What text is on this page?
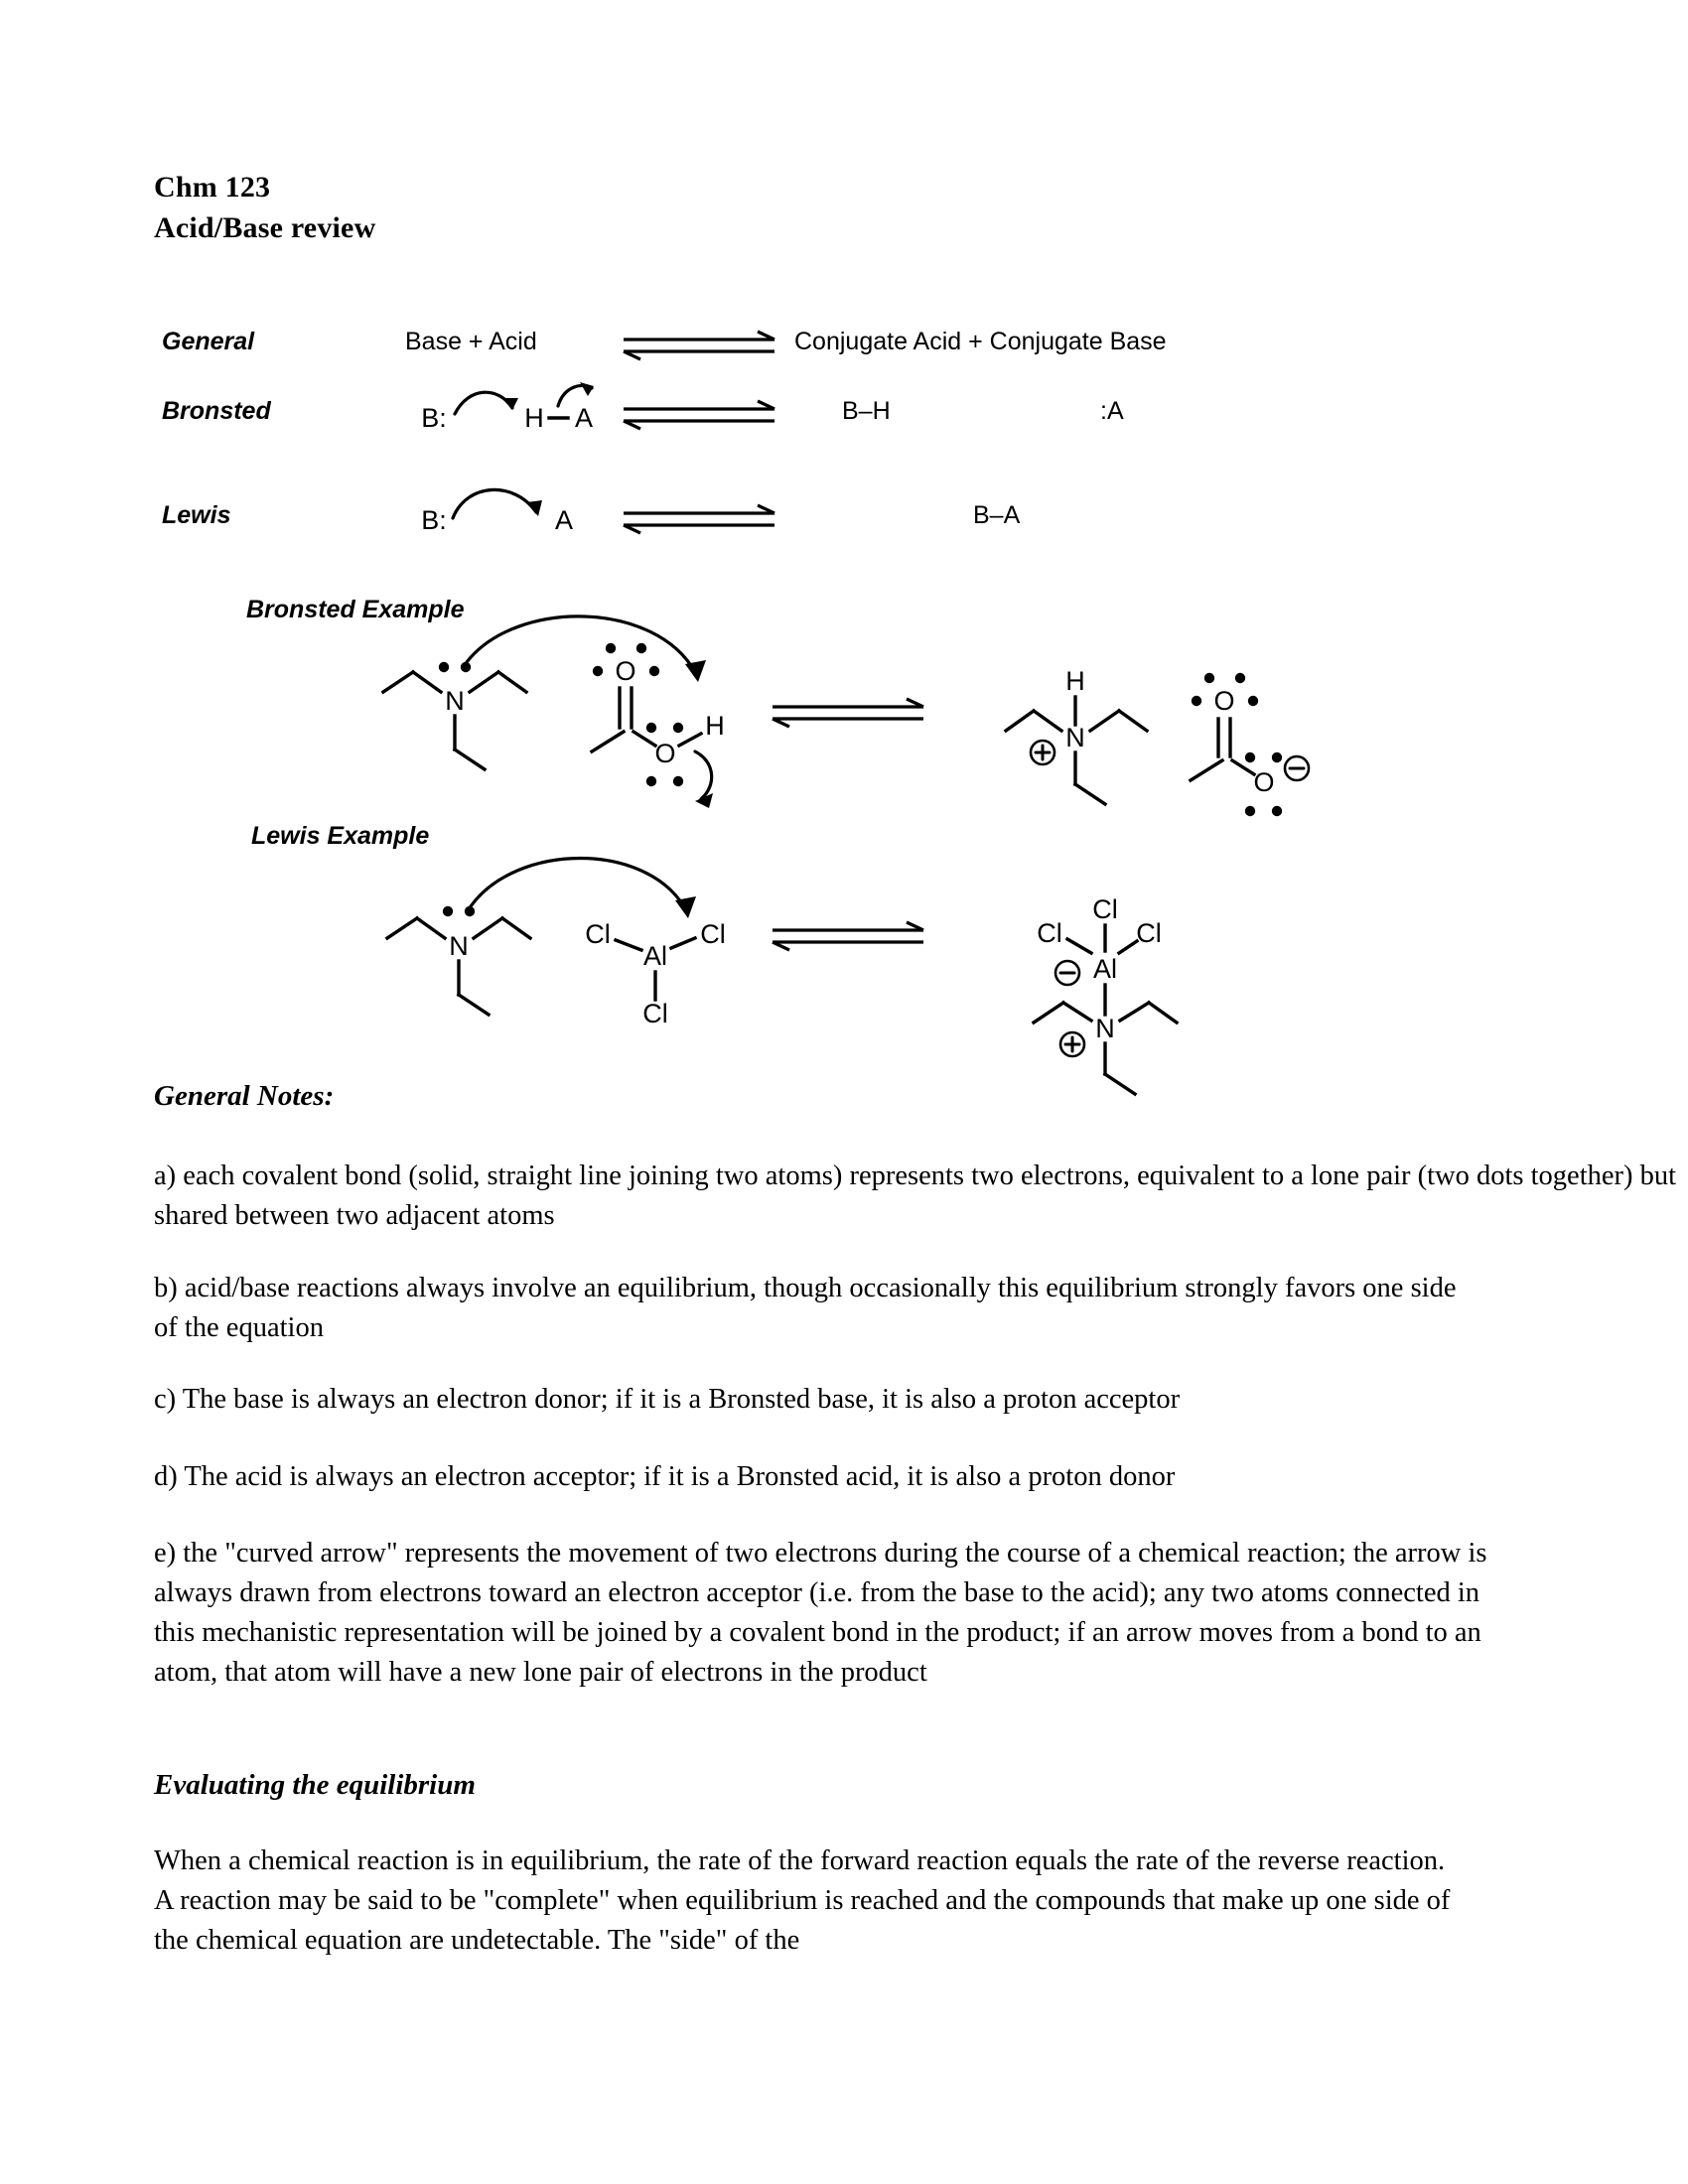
Chm 123
Acid/Base review
General	Base + Acid	Conjugate Acid + Conjugate Base
Bronsted	B:	H A	B–H	:A
Lewis	B:	A	B–A
Bronsted Example
N
O
O
H	N
H
O
O
Lewis Example
N	Al
Cl	Cl
Cl
Cl
Cl	Cl
Al
N
General Notes:
a) each covalent bond (solid, straight line joining two atoms) represents two electrons, equivalent to a lone pair (two dots together) but shared between two adjacent atoms
b) acid/base reactions always involve an equilibrium, though occasionally this equilibrium strongly favors one side of the equation
c) The base is always an electron donor; if it is a Bronsted base, it is also a proton acceptor
d) The acid is always an electron acceptor; if it is a Bronsted acid, it is also a proton donor
e) the "curved arrow" represents the movement of two electrons during the course of a chemical reaction; the arrow is always drawn from electrons toward an electron acceptor (i.e. from the base to the acid); any two atoms connected in this mechanistic representation will be joined by a covalent bond in the product; if an arrow moves from a bond to an atom, that atom will have a new lone pair of electrons in the product
Evaluating the equilibrium
When a chemical reaction is in equilibrium, the rate of the forward reaction equals the rate of the reverse reaction. A reaction may be said to be "complete" when equilibrium is reached and the compounds that make up one side of the chemical equation are undetectable. The "side" of the
